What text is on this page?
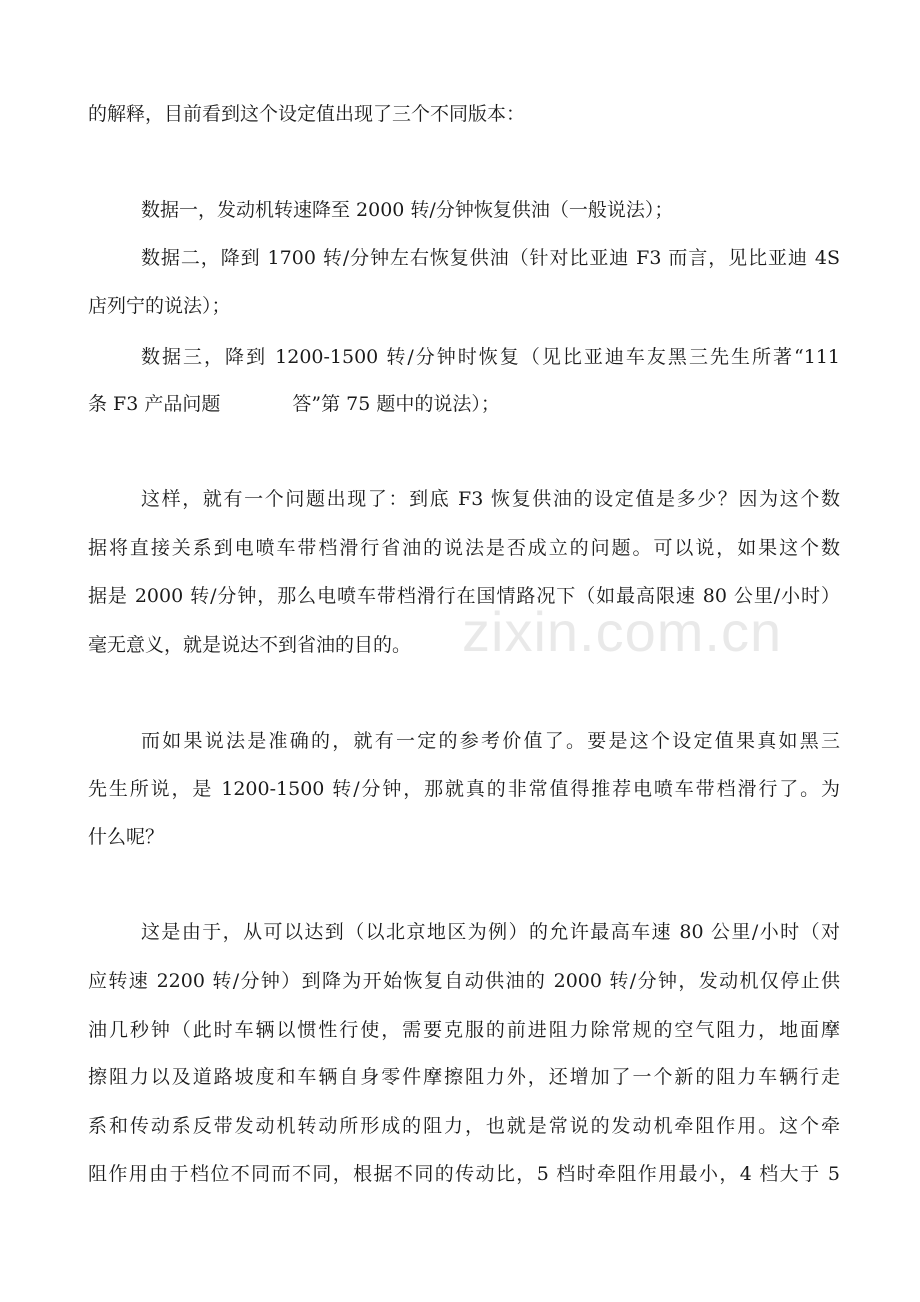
的解释，目前看到这个设定值出现了三个不同版本：
数据一，发动机转速降至 2000 转/分钟恢复供油（一般说法）；
数据二，降到 1700 转/分钟左右恢复供油（针对比亚迪 F3 而言，见比亚迪 4S
店列宁的说法）；
数据三，降到 1200-1500 转/分钟时恢复（见比亚迪车友黑三先生所著“111
条 F3 产品问题	答”第 75 题中的说法）；
这样，就有一个问题出现了：到底 F3 恢复供油的设定值是多少？因为这个数
据将直接关系到电喷车带档滑行省油的说法是否成立的问题。可以说，如果这个数
据是 2000 转/分钟，那么电喷车带档滑行在国情路况下（如最高限速 80 公里/小时）
毫无意义，就是说达不到省油的目的。
而如果说法是准确的，就有一定的参考价值了。要是这个设定值果真如黑三
先生所说，是 1200-1500 转/分钟，那就真的非常值得推荐电喷车带档滑行了。为
什么呢？
这是由于，从可以达到（以北京地区为例）的允许最高车速 80 公里/小时（对
应转速 2200 转/分钟）到降为开始恢复自动供油的 2000 转/分钟，发动机仅停止供
油几秒钟（此时车辆以惯性行使，需要克服的前进阻力除常规的空气阻力，地面摩
擦阻力以及道路坡度和车辆自身零件摩擦阻力外，还增加了一个新的阻力车辆行走
系和传动系反带发动机转动所形成的阻力，也就是常说的发动机牵阻作用。这个牵
阻作用由于档位不同而不同，根据不同的传动比，5 档时牵阻作用最小，4 档大于 5
zixin.com.cn
